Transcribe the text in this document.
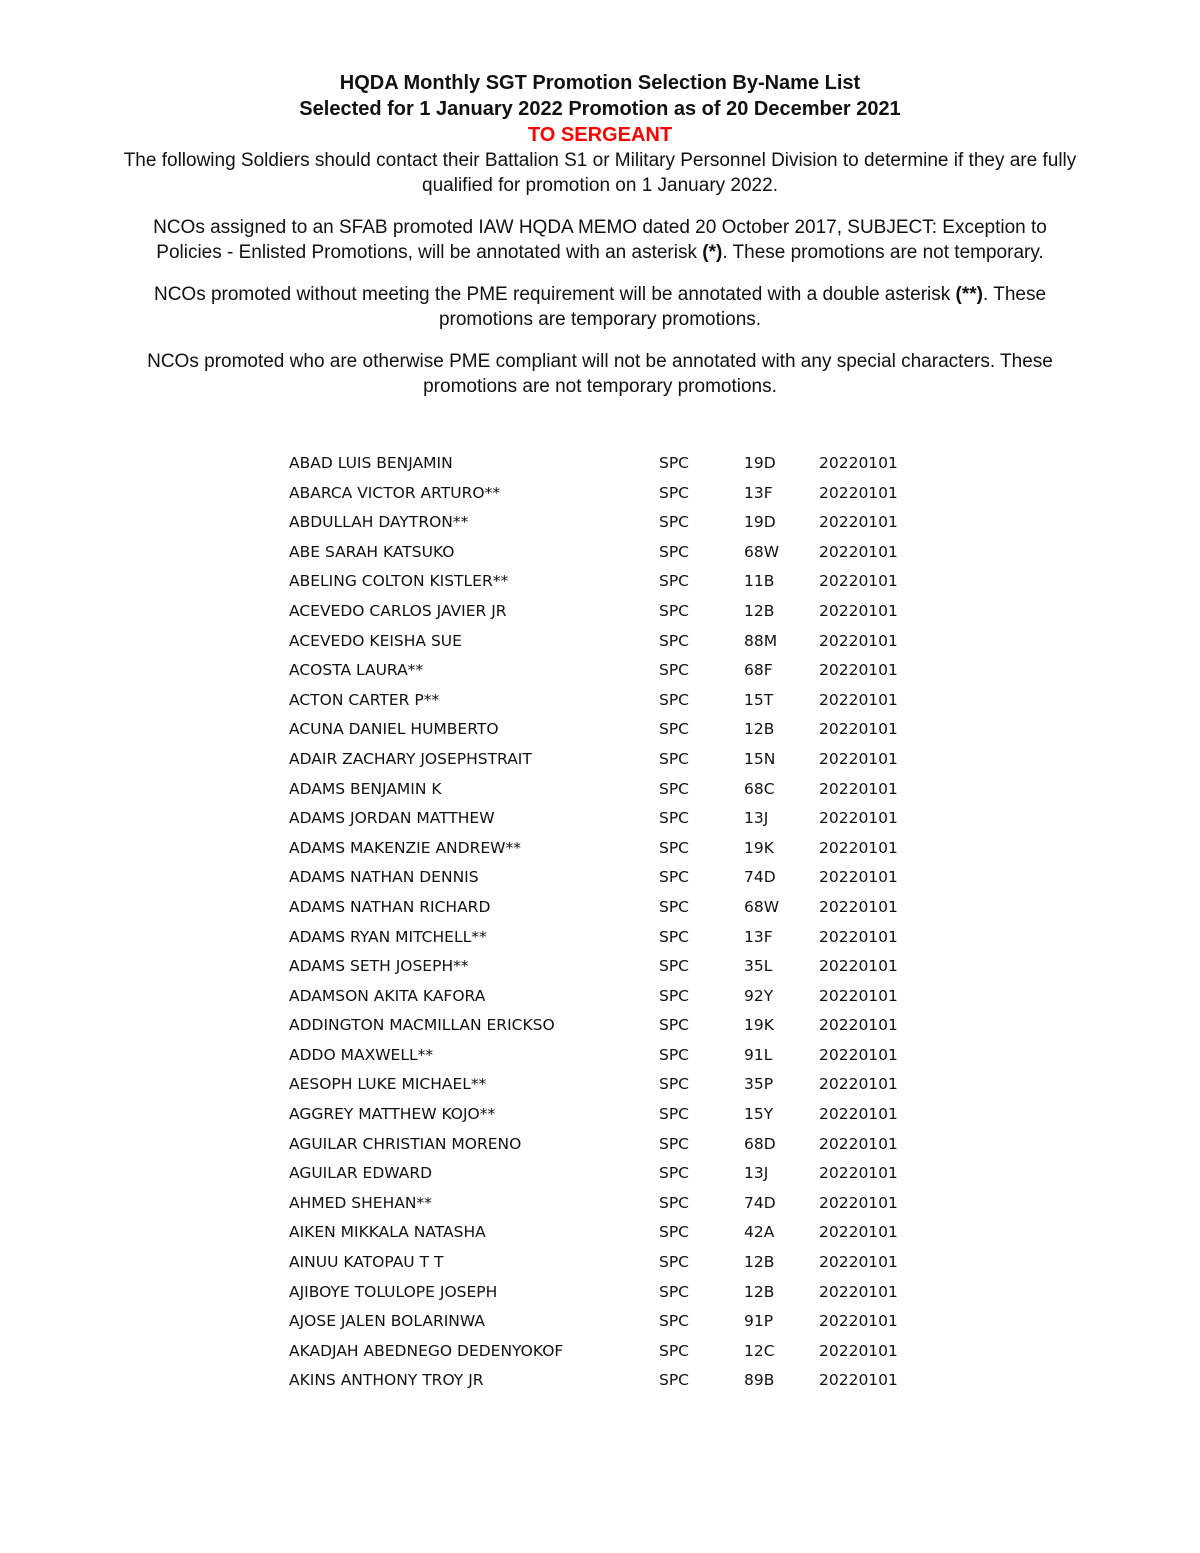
HQDA Monthly SGT Promotion Selection By-Name List

Selected for 1 January 2022 Promotion as of 20 December 2021

TO SERGEANT

The following Soldiers should contact their Battalion S1 or Military Personnel Division to determine if they are fully qualified for promotion on 1 January 2022.

NCOs assigned to an SFAB promoted IAW HQDA MEMO dated 20 October 2017, SUBJECT: Exception to Policies - Enlisted Promotions, will be annotated with an asterisk (*). These promotions are not temporary.

NCOs promoted without meeting the PME requirement will be annotated with a double asterisk (**). These promotions are temporary promotions.

NCOs promoted who are otherwise PME compliant will not be annotated with any special characters. These promotions are not temporary promotions.

ABAD LUIS BENJAMIN	SPC	19D	20220101
ABARCA VICTOR ARTURO**	SPC	13F	20220101
ABDULLAH DAYTRON**	SPC	19D	20220101
ABE SARAH KATSUKO	SPC	68W	20220101
ABELING COLTON KISTLER**	SPC	11B	20220101
ACEVEDO CARLOS JAVIER JR	SPC	12B	20220101
ACEVEDO KEISHA SUE	SPC	88M	20220101
ACOSTA LAURA**	SPC	68F	20220101
ACTON CARTER P**	SPC	15T	20220101
ACUNA DANIEL HUMBERTO	SPC	12B	20220101
ADAIR ZACHARY JOSEPHSTRAIT	SPC	15N	20220101
ADAMS BENJAMIN K	SPC	68C	20220101
ADAMS JORDAN MATTHEW	SPC	13J	20220101
ADAMS MAKENZIE ANDREW**	SPC	19K	20220101
ADAMS NATHAN DENNIS	SPC	74D	20220101
ADAMS NATHAN RICHARD	SPC	68W	20220101
ADAMS RYAN MITCHELL**	SPC	13F	20220101
ADAMS SETH JOSEPH**	SPC	35L	20220101
ADAMSON AKITA KAFORA	SPC	92Y	20220101
ADDINGTON MACMILLAN ERICKSO	SPC	19K	20220101
ADDO MAXWELL**	SPC	91L	20220101
AESOPH LUKE MICHAEL**	SPC	35P	20220101
AGGREY MATTHEW KOJO**	SPC	15Y	20220101
AGUILAR CHRISTIAN MORENO	SPC	68D	20220101
AGUILAR EDWARD	SPC	13J	20220101
AHMED SHEHAN**	SPC	74D	20220101
AIKEN MIKKALA NATASHA	SPC	42A	20220101
AINUU KATOPAU T T	SPC	12B	20220101
AJIBOYE TOLULOPE JOSEPH	SPC	12B	20220101
AJOSE JALEN BOLARINWA	SPC	91P	20220101
AKADJAH ABEDNEGO DEDENYOKOF	SPC	12C	20220101
AKINS ANTHONY TROY JR	SPC	89B	20220101
